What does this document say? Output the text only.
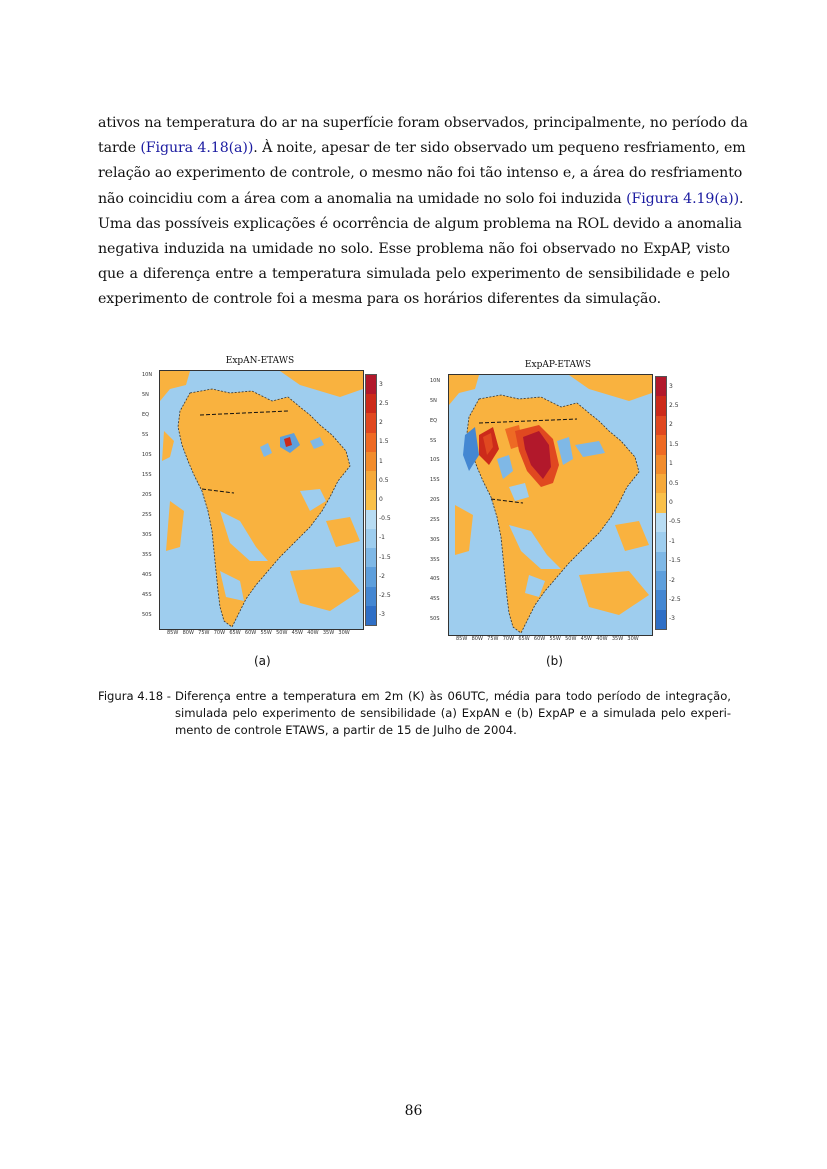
ativos na temperatura do ar na superfície foram observados, principalmente, no período da
tarde (Figura 4.18(a)). À noite, apesar de ter sido observado um pequeno resfriamento, em
relação ao experimento de controle, o mesmo não foi tão intenso e, a área do resfriamento
não coincidiu com a área com a anomalia na umidade no solo foi induzida (Figura 4.19(a)).
Uma das possíveis explicações é ocorrência de algum problema na ROL devido a anomalia
negativa induzida na umidade no solo. Esse problema não foi observado no ExpAP, visto
que a diferença entre a temperatura simulada pelo experimento de sensibilidade e pelo
experimento de controle foi a mesma para os horários diferentes da simulação.
ExpAN-ETAWS
10N
5N
EQ
5S
10S
15S
20S
25S
30S
35S
40S
45S
50S
85W 80W 75W 70W 65W 60W 55W 50W 45W 40W 35W 30W
3
2.5
2
1.5
1
0.5
0
-0.5
-1
-1.5
-2
-2.5
-3
(a)
ExpAP-ETAWS
10N
5N
EQ
5S
10S
15S
20S
25S
30S
35S
40S
45S
50S
85W 80W 75W 70W 65W 60W 55W 50W 45W 40W 35W 30W
3
2.5
2
1.5
1
0.5
0
-0.5
-1
-1.5
-2
-2.5
-3
(b)
Figura 4.18 - Diferença entre a temperatura em 2m (K) às 06UTC, média para todo período de integração,
simulada pelo experimento de sensibilidade (a) ExpAN e (b) ExpAP e a simulada pelo experi-
mento de controle ETAWS, a partir de 15 de Julho de 2004.
86
